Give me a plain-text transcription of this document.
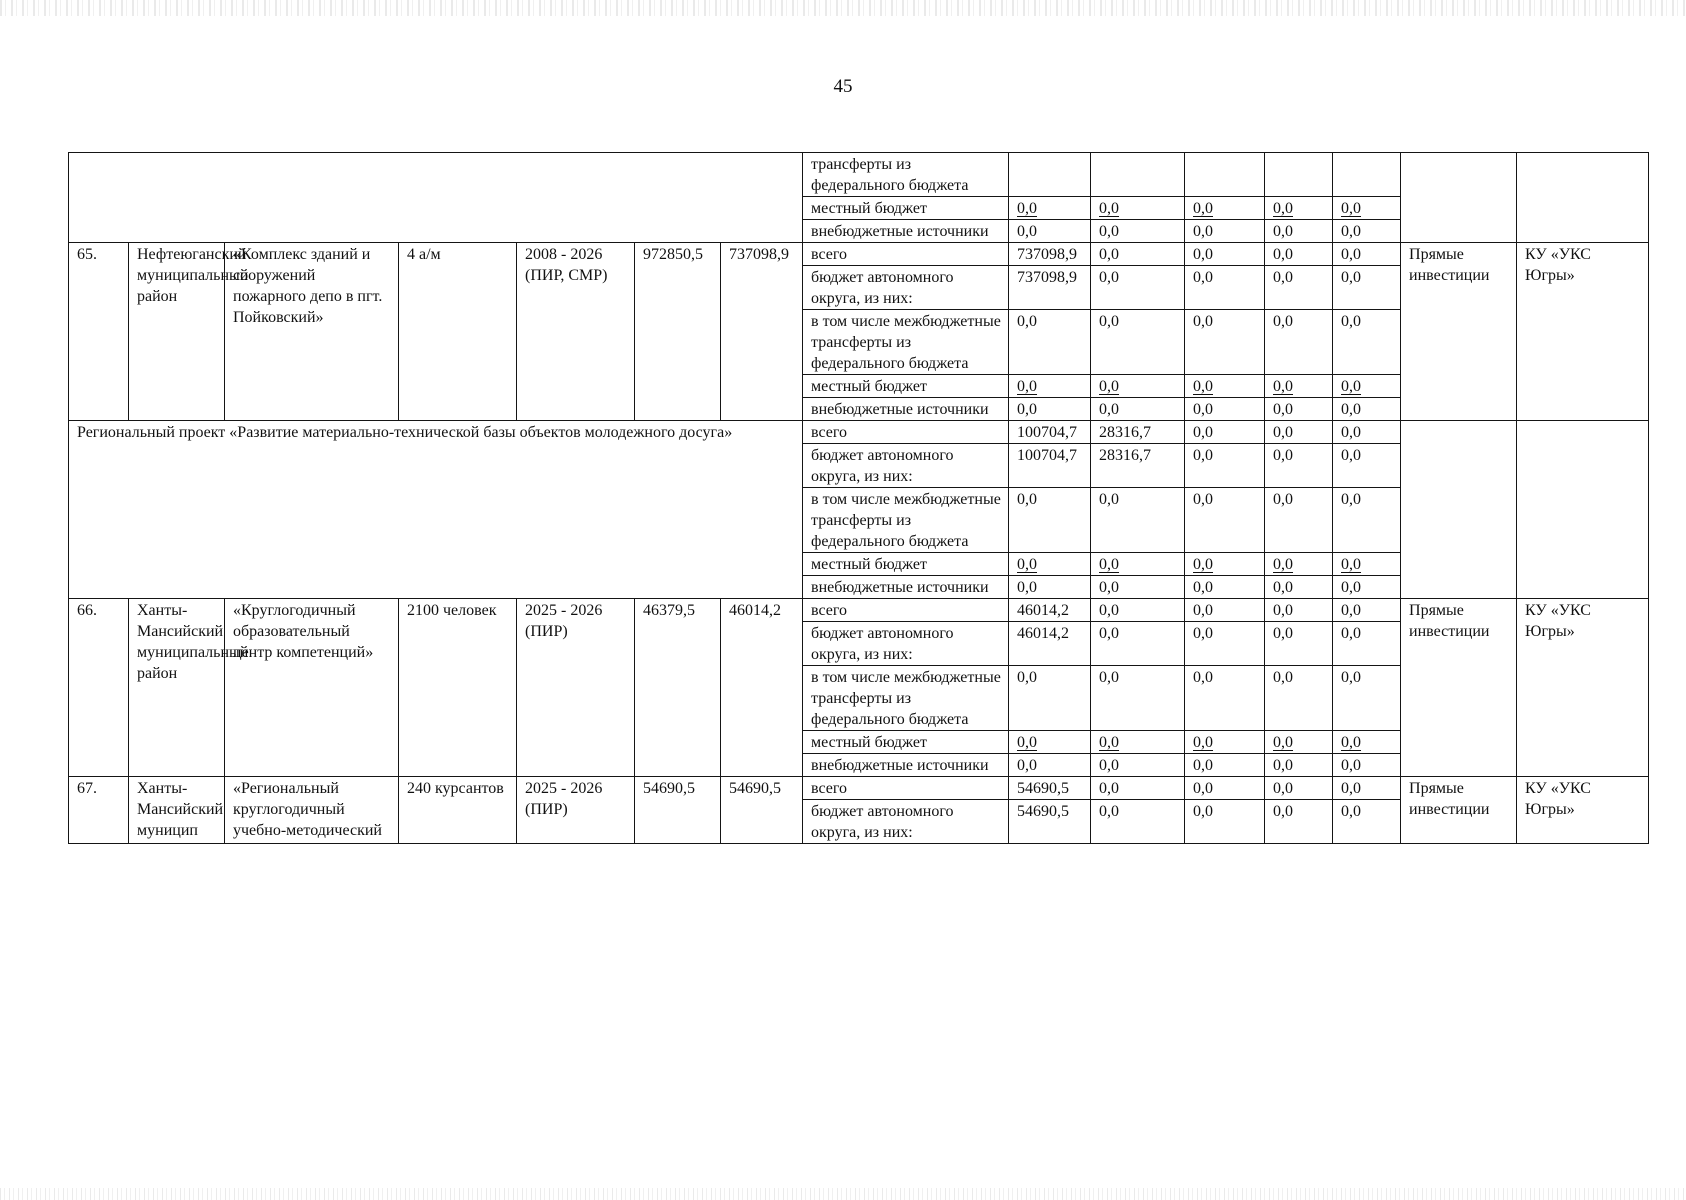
45
							трансферты из федерального бюджета							
							местный бюджет	0,0	0,0	0,0	0,0	0,0		
							внебюджетные источники	0,0	0,0	0,0	0,0	0,0		
65.	Нефтеюганский муниципальный район	«Комплекс зданий и сооружений пожарного депо в пгт. Пойковский»	4 а/м	2008 - 2026 (ПИР, СМР)	972850,5	737098,9	всего	737098,9	0,0	0,0	0,0	0,0	Прямые инвестиции	КУ «УКС Югры»
							бюджет автономного округа, из них:	737098,9	0,0	0,0	0,0	0,0		
							в том числе межбюджетные трансферты из федерального бюджета	0,0	0,0	0,0	0,0	0,0		
							местный бюджет	0,0	0,0	0,0	0,0	0,0		
							внебюджетные источники	0,0	0,0	0,0	0,0	0,0		
Региональный проект «Развитие материально-технической базы объектов молодежного досуга»							всего	100704,7	28316,7	0,0	0,0	0,0		
							бюджет автономного округа, из них:	100704,7	28316,7	0,0	0,0	0,0		
							в том числе межбюджетные трансферты из федерального бюджета	0,0	0,0	0,0	0,0	0,0		
							местный бюджет	0,0	0,0	0,0	0,0	0,0		
							внебюджетные источники	0,0	0,0	0,0	0,0	0,0		
66.	Ханты-Мансийский муниципальный район	«Круглогодичный образовательный центр компетенций»	2100 человек	2025 - 2026 (ПИР)	46379,5	46014,2	всего	46014,2	0,0	0,0	0,0	0,0	Прямые инвестиции	КУ «УКС Югры»
							бюджет автономного округа, из них:	46014,2	0,0	0,0	0,0	0,0		
							в том числе межбюджетные трансферты из федерального бюджета	0,0	0,0	0,0	0,0	0,0		
							местный бюджет	0,0	0,0	0,0	0,0	0,0		
							внебюджетные источники	0,0	0,0	0,0	0,0	0,0		
67.	Ханты-Мансийский муницип	«Региональный круглогодичный учебно-методический	240 курсантов	2025 - 2026 (ПИР)	54690,5	54690,5	всего	54690,5	0,0	0,0	0,0	0,0	Прямые инвестиции	КУ «УКС Югры»
							бюджет автономного округа, из них:	54690,5	0,0	0,0	0,0	0,0		
